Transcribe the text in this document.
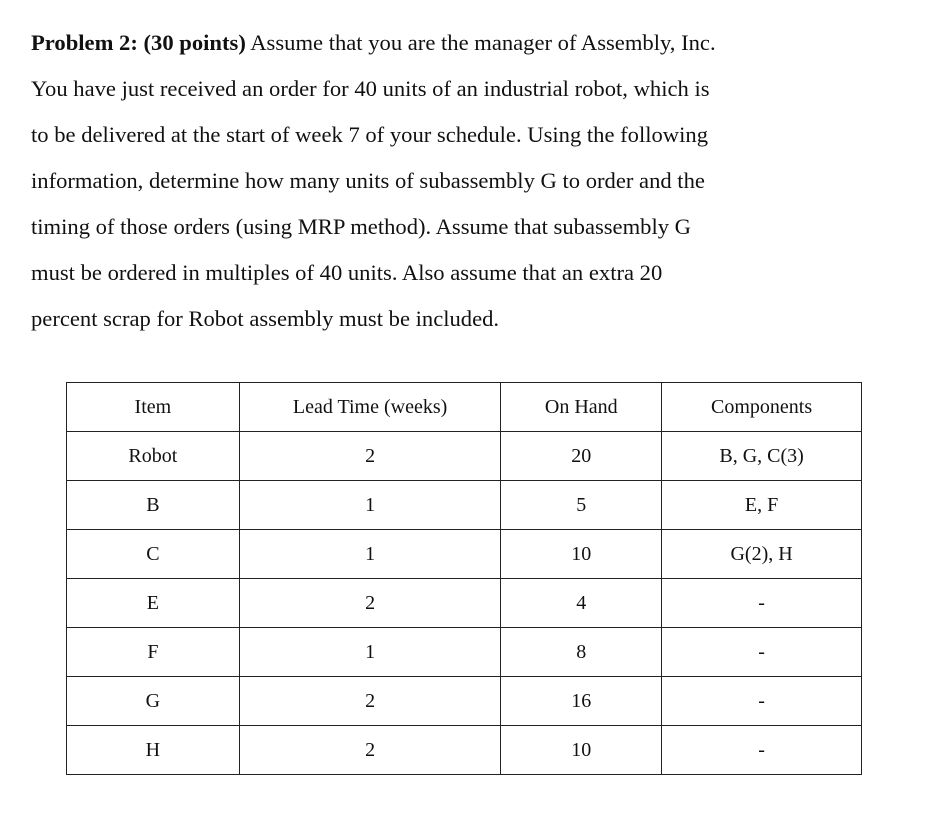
Problem 2: (30 points) Assume that you are the manager of Assembly, Inc.
You have just received an order for 40 units of an industrial robot, which is
to be delivered at the start of week 7 of your schedule. Using the following
information, determine how many units of subassembly G to order and the
timing of those orders (using MRP method). Assume that subassembly G
must be ordered in multiples of 40 units. Also assume that an extra 20
percent scrap for Robot assembly must be included.
Item	Lead Time (weeks)	On Hand	Components
Robot	2	20	B, G, C(3)
B	1	5	E, F
C	1	10	G(2), H
E	2	4	-
F	1	8	-
G	2	16	-
H	2	10	-
